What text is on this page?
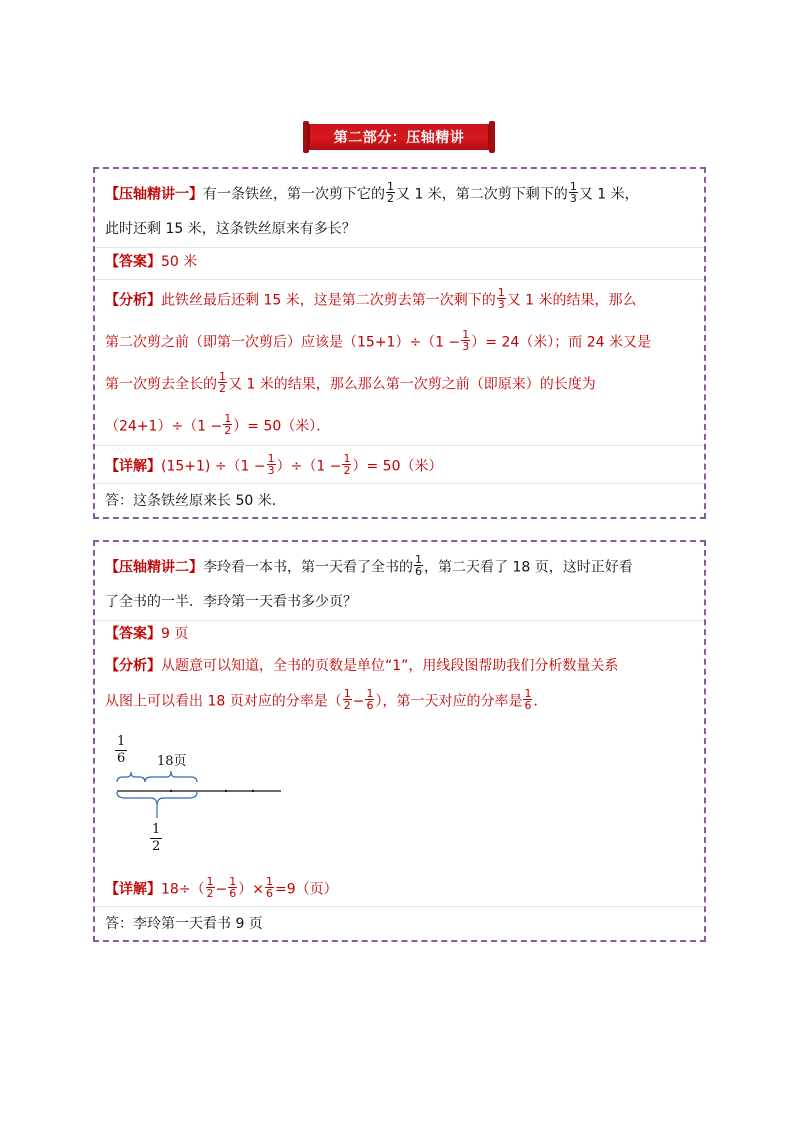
第二部分：压轴精讲
【压轴精讲一】有一条铁丝，第一次剪下它的 $\frac{1}{2}$ 又 1 米，第二次剪下剩下的 $\frac{1}{3}$ 又 1 米，
此时还剩 15 米，这条铁丝原来有多长？
【答案】50 米
【分析】此铁丝最后还剩 15 米，这是第二次剪去第一次剩下的 $\frac{1}{3}$ 又 1 米的结果，那么
第二次剪之前（即第一次剪后）应该是$(15+1)\div(1 - \frac{1}{3}$ ）= 24（米）；而 24 米又是
第一次剪去全长的 $\frac{1}{2}$ 又 1 米的结果，那么那么第一次剪之前（即原来）的长度为
$(24+1)\div(1 - \frac{1}{2}$ ）= 50（米）．
【详解】$(15+1) \div(1 - \frac{1}{3} )\div(1 - \frac{1}{2}$ ）= 50（米）
答：这条铁丝原来长 50 米．
【压轴精讲二】李玲看一本书，第一天看了全书的 $\frac{1}{6}$ ，第二天看了 18 页，这时正好看
了全书的一半．李玲第一天看书多少页？
【答案】9 页
【分析】从题意可以知道，全书的页数是单位“1”，用线段图帮助我们分析数量关系
从图上可以看出 18 页对应的分率是（ $\frac{1}{2} - \frac{1}{6}$ ），第一天对应的分率是 $\frac{1}{6}$ ．
1
6 18页
1
2
【详解】$18\div( \frac{1}{2} - \frac{1}{6}$ ）× $\frac{1}{6} =9$（页）
答：李玲第一天看书 9 页
